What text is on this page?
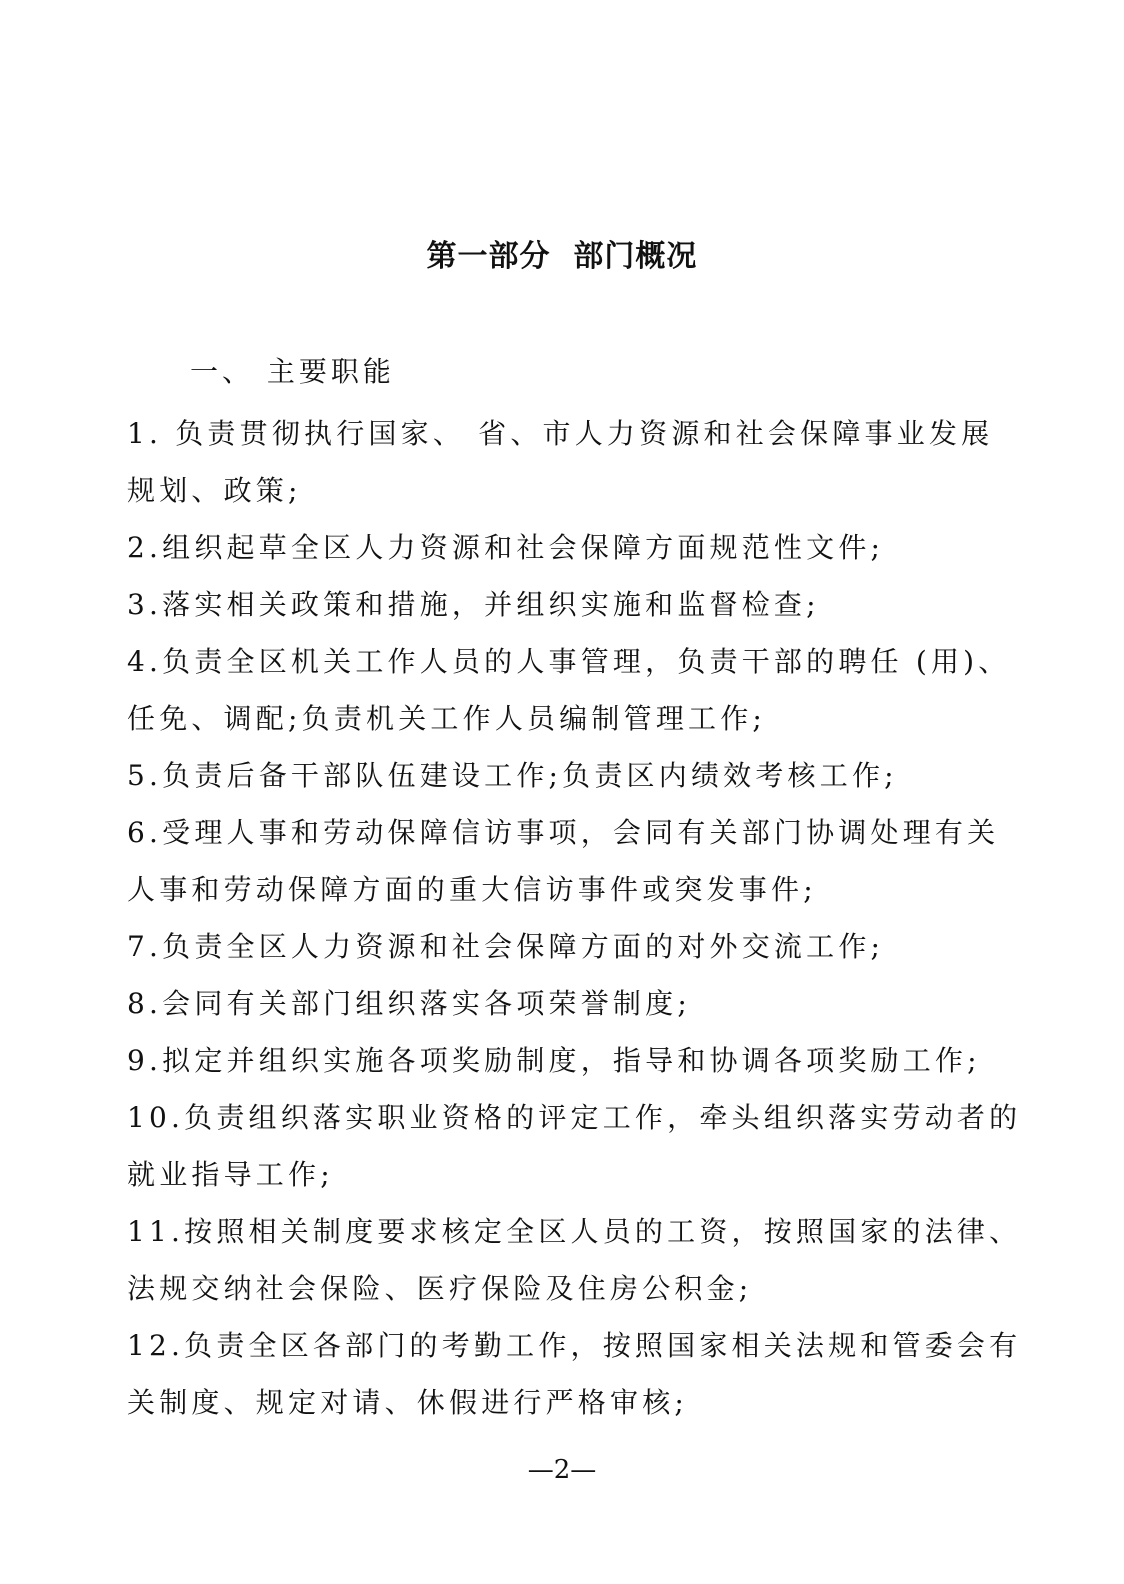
第一部分  部门概况
一、 主要职能
1. 负责贯彻执行国家、 省、市人力资源和社会保障事业发展
规划、政策;
2.组织起草全区人力资源和社会保障方面规范性文件;
3.落实相关政策和措施，并组织实施和监督检查;
4.负责全区机关工作人员的人事管理，负责干部的聘任 (用)、
任免、调配;负责机关工作人员编制管理工作;
5.负责后备干部队伍建设工作;负责区内绩效考核工作;
6.受理人事和劳动保障信访事项，会同有关部门协调处理有关
人事和劳动保障方面的重大信访事件或突发事件;
7.负责全区人力资源和社会保障方面的对外交流工作;
8.会同有关部门组织落实各项荣誉制度;
9.拟定并组织实施各项奖励制度，指导和协调各项奖励工作;
10.负责组织落实职业资格的评定工作，牵头组织落实劳动者的
就业指导工作;
11.按照相关制度要求核定全区人员的工资，按照国家的法律、
法规交纳社会保险、医疗保险及住房公积金;
12.负责全区各部门的考勤工作，按照国家相关法规和管委会有
关制度、规定对请、休假进行严格审核;
—2—
